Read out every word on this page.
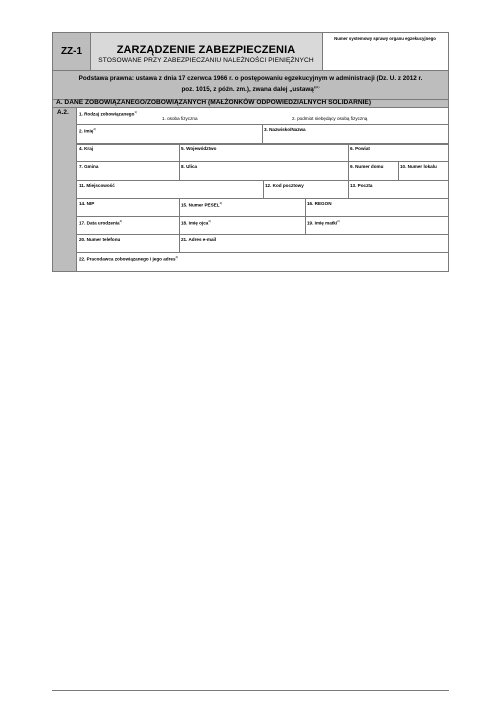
ZZ-1	ZARZĄDZENIE ZABEZPIECZENIA
STOSOWANE PRZY ZABEZPIECZANIU NALEŻNOŚCI PIENIĘŻNYCH
Numer systemowy sprawy organu egzekucyjnego
Podstawa prawna: ustawa z dnia 17 czerwca 1966 r. o postępowaniu egzekucyjnym w administracji (Dz. U. z 2012 r.
poz. 1015, z późn. zm.), zwana dalej „ustawą”$^{1)}$
A. DANE ZOBOWIĄZANEGO/ZOBOWIĄZANYCH (MAŁŻONKÓW ODPOWIEDZIALNYCH SOLIDARNIE)
A.2.	1. Rodzaj zobowiązanego$^{1)}$
1. osoba fizyczna	2. podmiot niebędący osobą fizyczną
2. Imię$^{2)}$	3. Nazwisko/Nazwa
4. Kraj	5. Województwo	6. Powiat
7. Gmina	8. Ulica	9. Numer domu	10. Numer lokalu
11. Miejscowość	12. Kod pocztowy	13. Poczta
14. NIP	15. Numer PESEL$^{2)}$	16. REGON
17. Data urodzenia$^{2)}$	18. Imię ojca$^{2)}$	19. Imię matki$^{2)}$
20. Numer telefonu	21. Adres e-mail
22. Pracodawca zobowiązanego i jego adres$^{2)}$
